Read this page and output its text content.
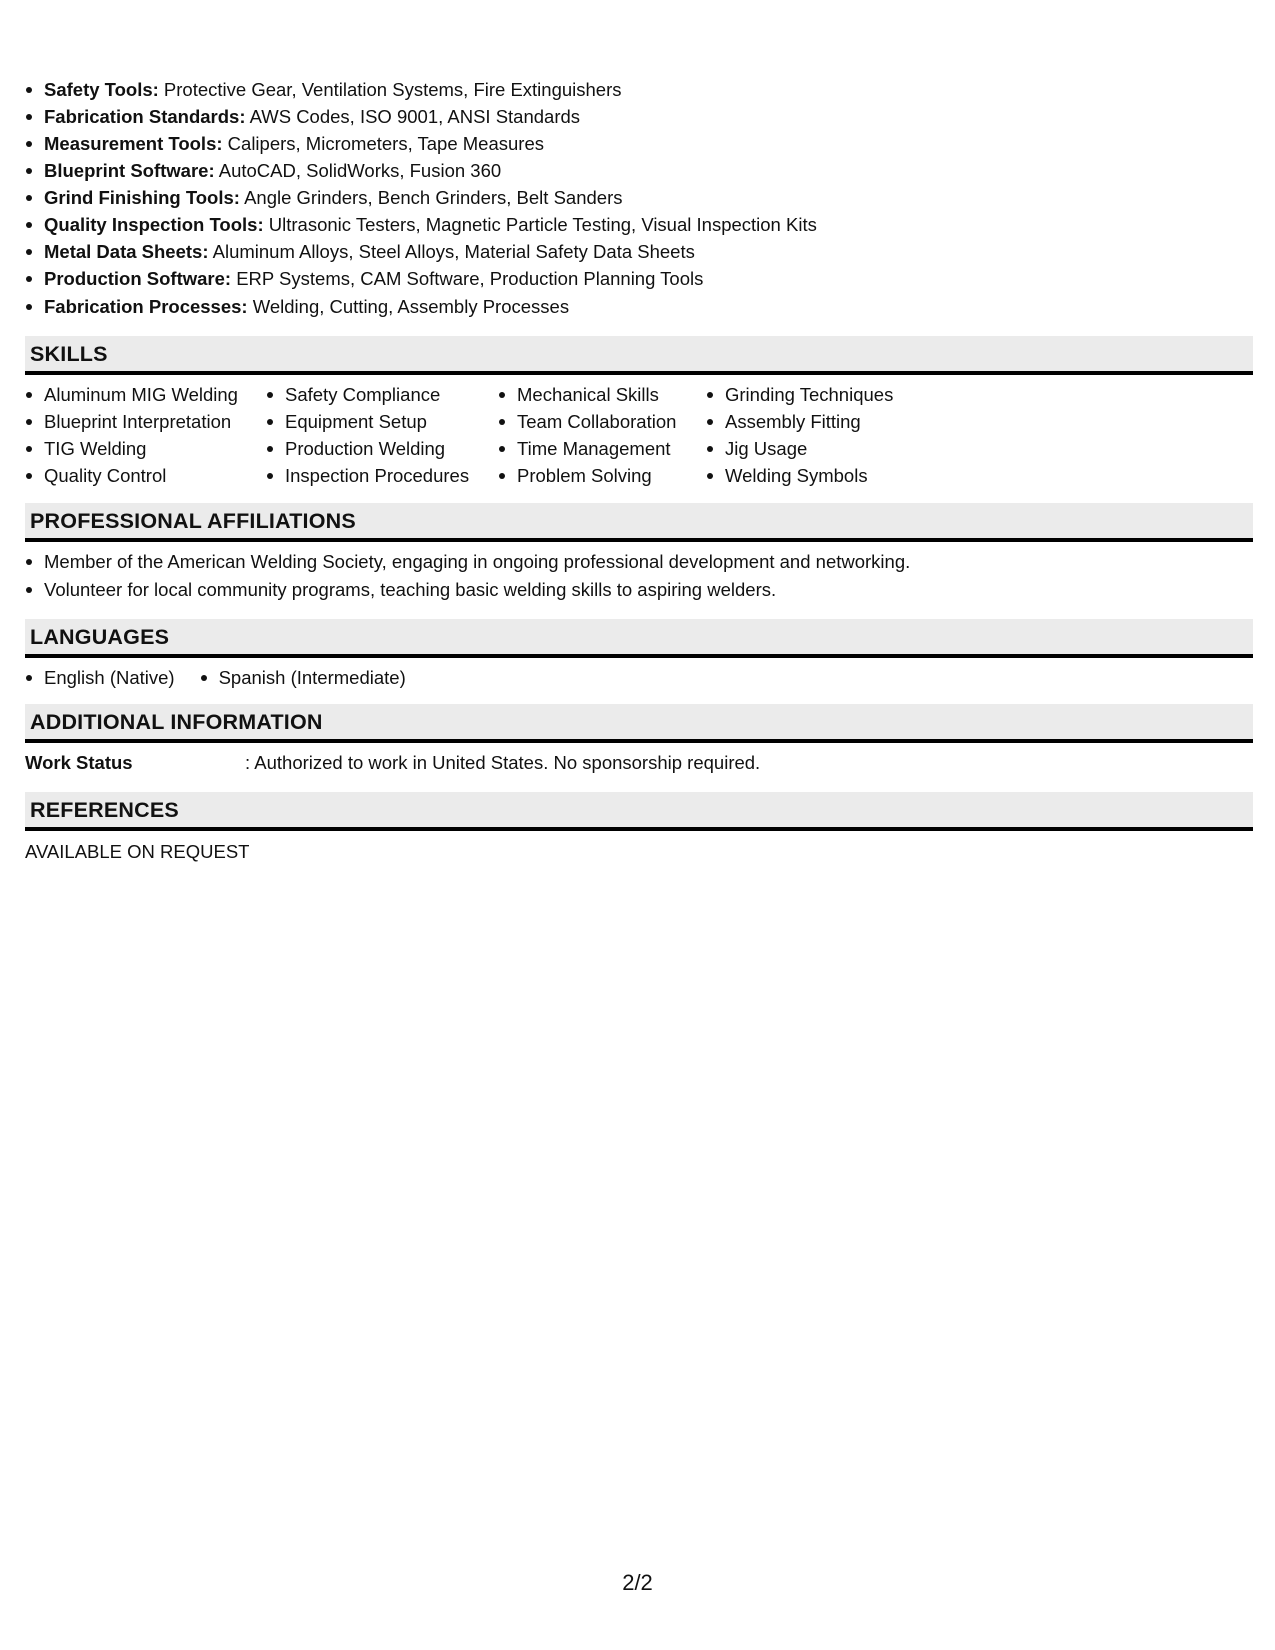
Safety Tools: Protective Gear, Ventilation Systems, Fire Extinguishers
Fabrication Standards: AWS Codes, ISO 9001, ANSI Standards
Measurement Tools: Calipers, Micrometers, Tape Measures
Blueprint Software: AutoCAD, SolidWorks, Fusion 360
Grind Finishing Tools: Angle Grinders, Bench Grinders, Belt Sanders
Quality Inspection Tools: Ultrasonic Testers, Magnetic Particle Testing, Visual Inspection Kits
Metal Data Sheets: Aluminum Alloys, Steel Alloys, Material Safety Data Sheets
Production Software: ERP Systems, CAM Software, Production Planning Tools
Fabrication Processes: Welding, Cutting, Assembly Processes
SKILLS
Aluminum MIG Welding
Blueprint Interpretation
TIG Welding
Quality Control
Safety Compliance
Equipment Setup
Production Welding
Inspection Procedures
Mechanical Skills
Team Collaboration
Time Management
Problem Solving
Grinding Techniques
Assembly Fitting
Jig Usage
Welding Symbols
PROFESSIONAL AFFILIATIONS
Member of the American Welding Society, engaging in ongoing professional development and networking.
Volunteer for local community programs, teaching basic welding skills to aspiring welders.
LANGUAGES
English (Native)	Spanish (Intermediate)
ADDITIONAL INFORMATION
Work Status	: Authorized to work in United States. No sponsorship required.
REFERENCES
AVAILABLE ON REQUEST
2/2
